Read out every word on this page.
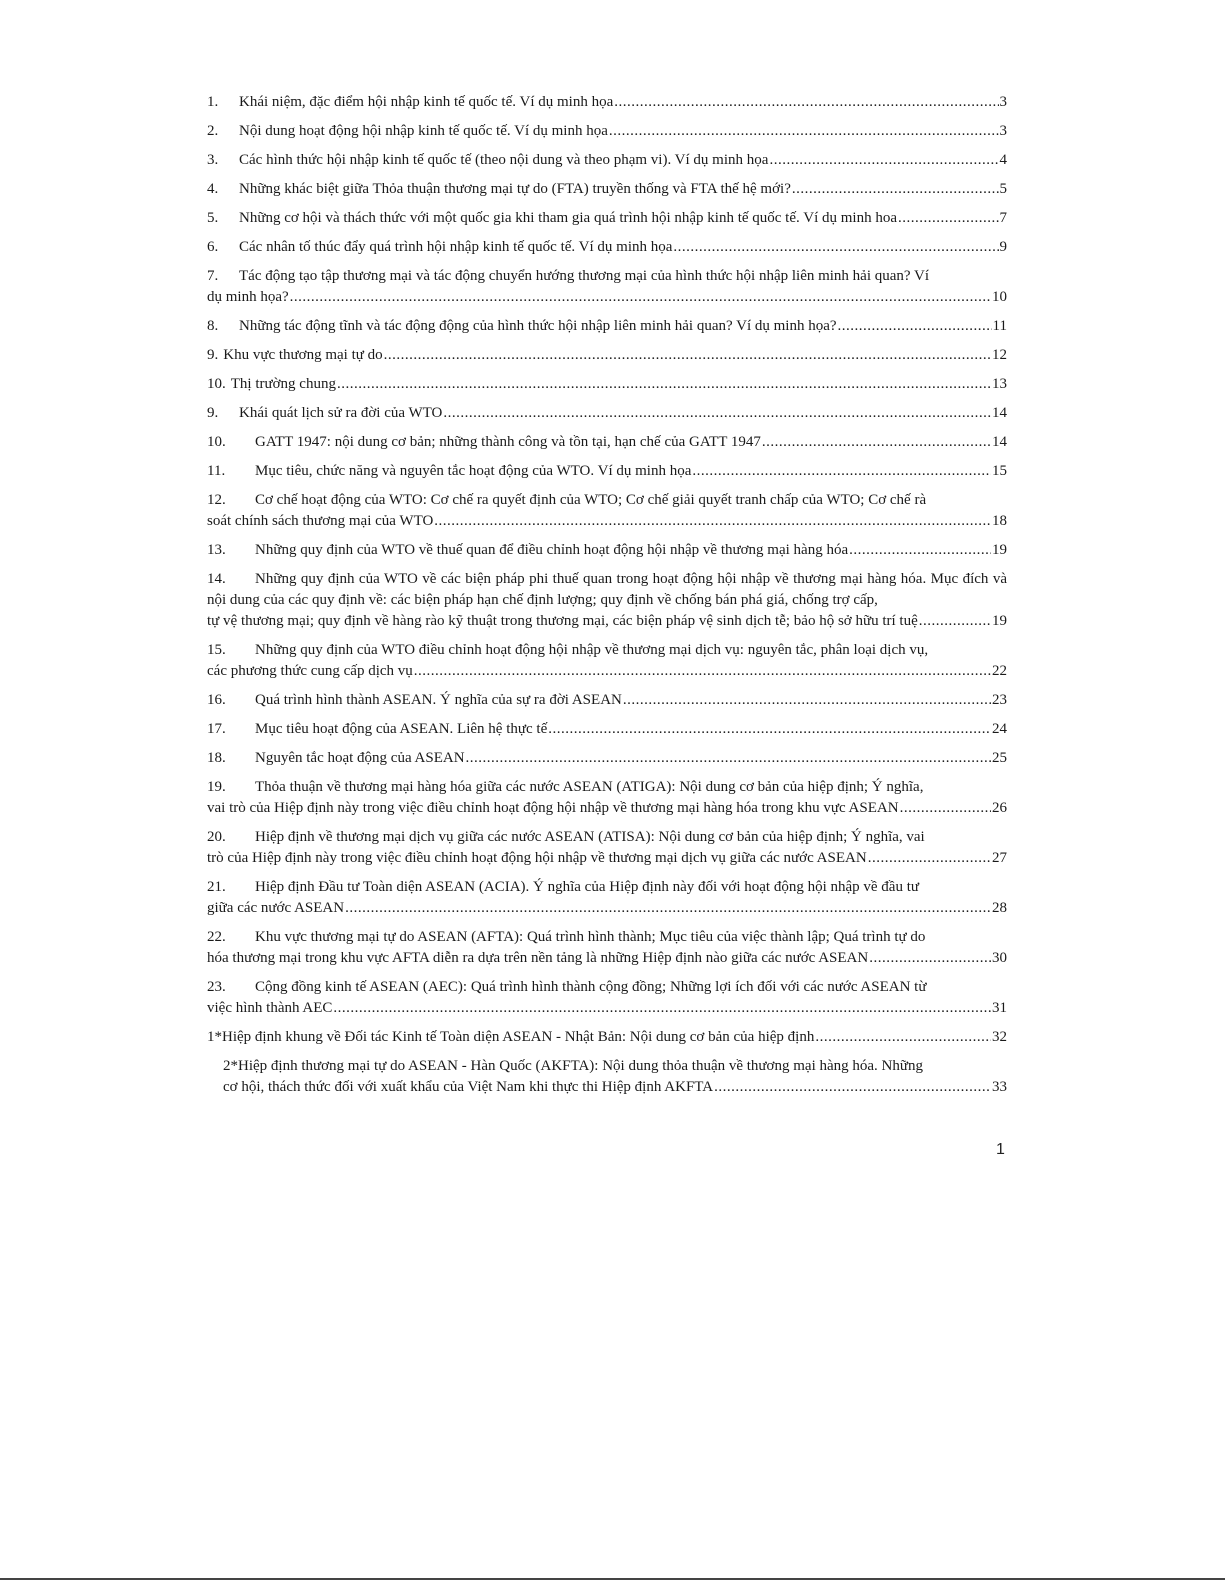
1. Khái niệm, đặc điểm hội nhập kinh tế quốc tế. Ví dụ minh họa .....	3
2. Nội dung hoạt động hội nhập kinh tế quốc tế. Ví dụ minh họa .....	3
3. Các hình thức hội nhập kinh tế quốc tế (theo nội dung và theo phạm vi). Ví dụ minh họa .....	4
4. Những khác biệt giữa Thỏa thuận thương mại tự do (FTA) truyền thống và FTA thế hệ mới? .....	5
5. Những cơ hội và thách thức với một quốc gia khi tham gia quá trình hội nhập kinh tế quốc tế. Ví dụ minh hoa .....	7
6. Các nhân tố thúc đẩy quá trình hội nhập kinh tế quốc tế. Ví dụ minh họa .....	9
7. Tác động tạo tập thương mại và tác động chuyển hướng thương mại của hình thức hội nhập liên minh hải quan? Ví
dụ minh họa? .....	10
8. Những tác động tĩnh và tác động động của hình thức hội nhập liên minh hải quan? Ví dụ minh họa? .....	11
9. Khu vực thương mại tự do .....	12
10. Thị trường chung .....	13
9. Khái quát lịch sử ra đời của WTO .....	14
10. GATT 1947: nội dung cơ bản; những thành công và tồn tại, hạn chế của GATT 1947 .....	14
11. Mục tiêu, chức năng và nguyên tắc hoạt động của WTO. Ví dụ minh họa .....	15
12. Cơ chế hoạt động của WTO: Cơ chế ra quyết định của WTO; Cơ chế giải quyết tranh chấp của WTO; Cơ chế rà
soát chính sách thương mại của WTO .....	18
13. Những quy định của WTO về thuế quan để điều chỉnh hoạt động hội nhập về thương mại hàng hóa .....	19
14. Những quy định của WTO về các biện pháp phi thuế quan trong hoạt động hội nhập về thương mại hàng hóa. Mục đích và nội dung của các quy định về: các biện pháp hạn chế định lượng; quy định về chống bán phá giá, chống trợ cấp,
tự vệ thương mại; quy định về hàng rào kỹ thuật trong thương mại, các biện pháp vệ sinh dịch tễ; bảo hộ sở hữu trí tuệ .....	19
15. Những quy định của WTO điều chỉnh hoạt động hội nhập về thương mại dịch vụ: nguyên tắc, phân loại dịch vụ,
các phương thức cung cấp dịch vụ .....	22
16. Quá trình hình thành ASEAN. Ý nghĩa của sự ra đời ASEAN .....	23
17. Mục tiêu hoạt động của ASEAN. Liên hệ thực tế .....	24
18. Nguyên tắc hoạt động của ASEAN .....	25
19. Thỏa thuận về thương mại hàng hóa giữa các nước ASEAN (ATIGA): Nội dung cơ bản của hiệp định; Ý nghĩa,
vai trò của Hiệp định này trong việc điều chỉnh hoạt động hội nhập về thương mại hàng hóa trong khu vực ASEAN .....	26
20. Hiệp định về thương mại dịch vụ giữa các nước ASEAN (ATISA): Nội dung cơ bản của hiệp định; Ý nghĩa, vai
trò của Hiệp định này trong việc điều chỉnh hoạt động hội nhập về thương mại dịch vụ giữa các nước ASEAN .....	27
21. Hiệp định Đầu tư Toàn diện ASEAN (ACIA). Ý nghĩa của Hiệp định này đối với hoạt động hội nhập về đầu tư
giữa các nước ASEAN .....	28
22. Khu vực thương mại tự do ASEAN (AFTA): Quá trình hình thành; Mục tiêu của việc thành lập; Quá trình tự do
hóa thương mại trong khu vực AFTA diễn ra dựa trên nền tảng là những Hiệp định nào giữa các nước ASEAN .....	30
23. Cộng đồng kinh tế ASEAN (AEC): Quá trình hình thành cộng đồng; Những lợi ích đối với các nước ASEAN từ
việc hình thành AEC .....	31
1*Hiệp định khung về Đối tác Kinh tế Toàn diện ASEAN - Nhật Bản: Nội dung cơ bản của hiệp định .....	32
2*Hiệp định thương mại tự do ASEAN - Hàn Quốc (AKFTA): Nội dung thỏa thuận về thương mại hàng hóa. Những
cơ hội, thách thức đối với xuất khẩu của Việt Nam khi thực thi Hiệp định AKFTA .....	33
1
